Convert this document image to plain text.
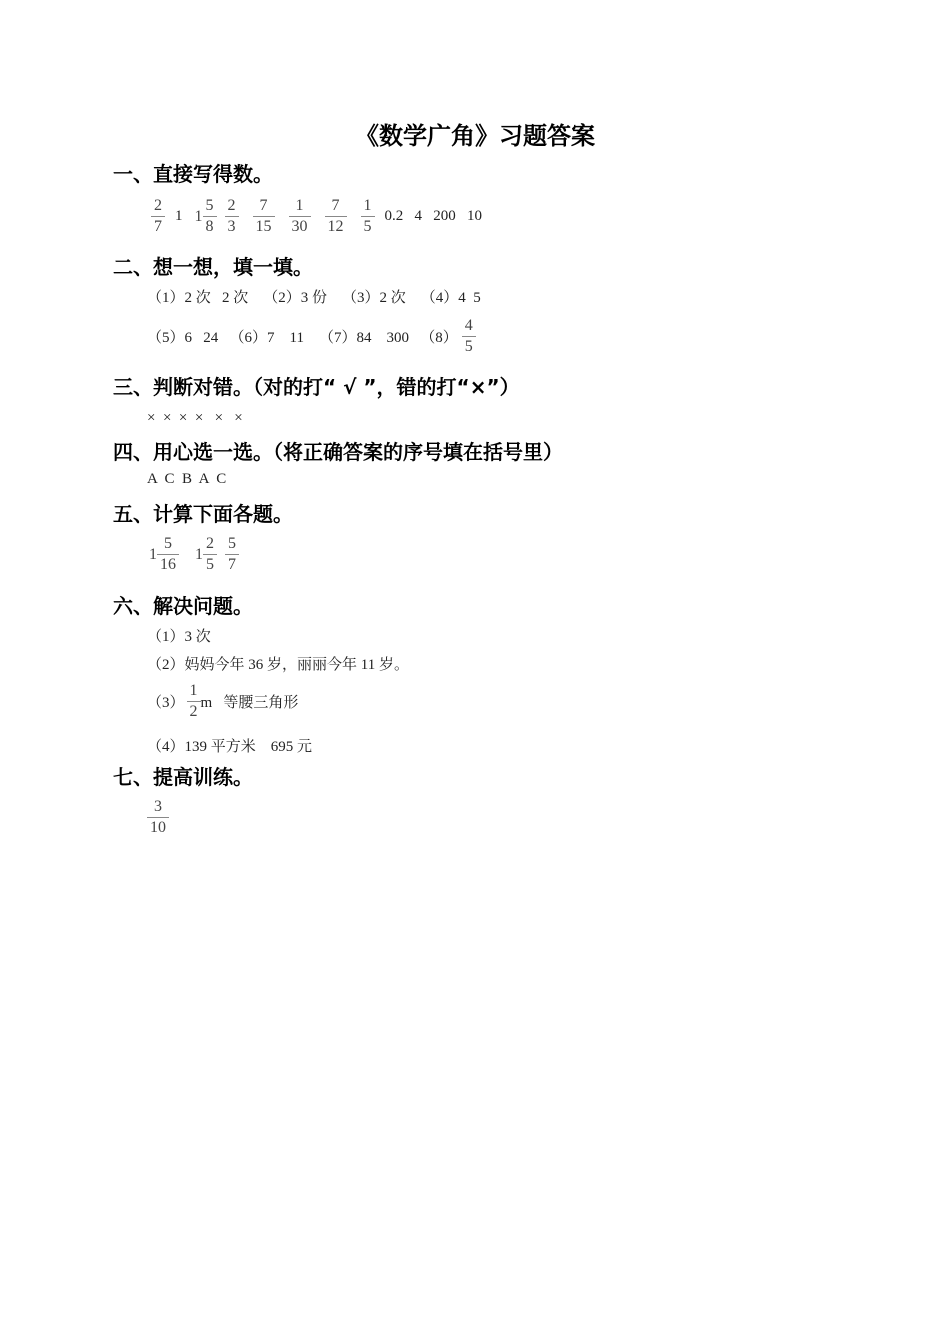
《数学广角》习题答案
一、直接写得数。
$\frac{2}{7} 1$ $1 \frac{5}{8} \frac{2}{3} \frac{7}{15} \frac{1}{30} \frac{7}{12} \frac{1}{5} 0.2$   4   200   10
二、想一想，填一填。
（1）2 次   2 次    （2）3 份    （3）2 次    （4）4  5
（5）6   24   （6）7    11    （7）84    300   $(8) \frac{4}{5}$
三、判断对错。（对的打“ √ ”，错的打“×”）
×  ×  ×  ×   ×   ×
四、用心选一选。（将正确答案的序号填在括号里）
A  C  B  A  C
五、计算下面各题。
$1 \frac{5}{16} 1 \frac{2}{5} \frac{5}{7}$
六、解决问题。
（1）3 次
（2）妈妈今年 36 岁，丽丽今年 11 岁。
$(3) \frac{1}{2}$ m   等腰三角形
（4）139 平方米    695 元
七、提高训练。
$\frac{3}{10}$
